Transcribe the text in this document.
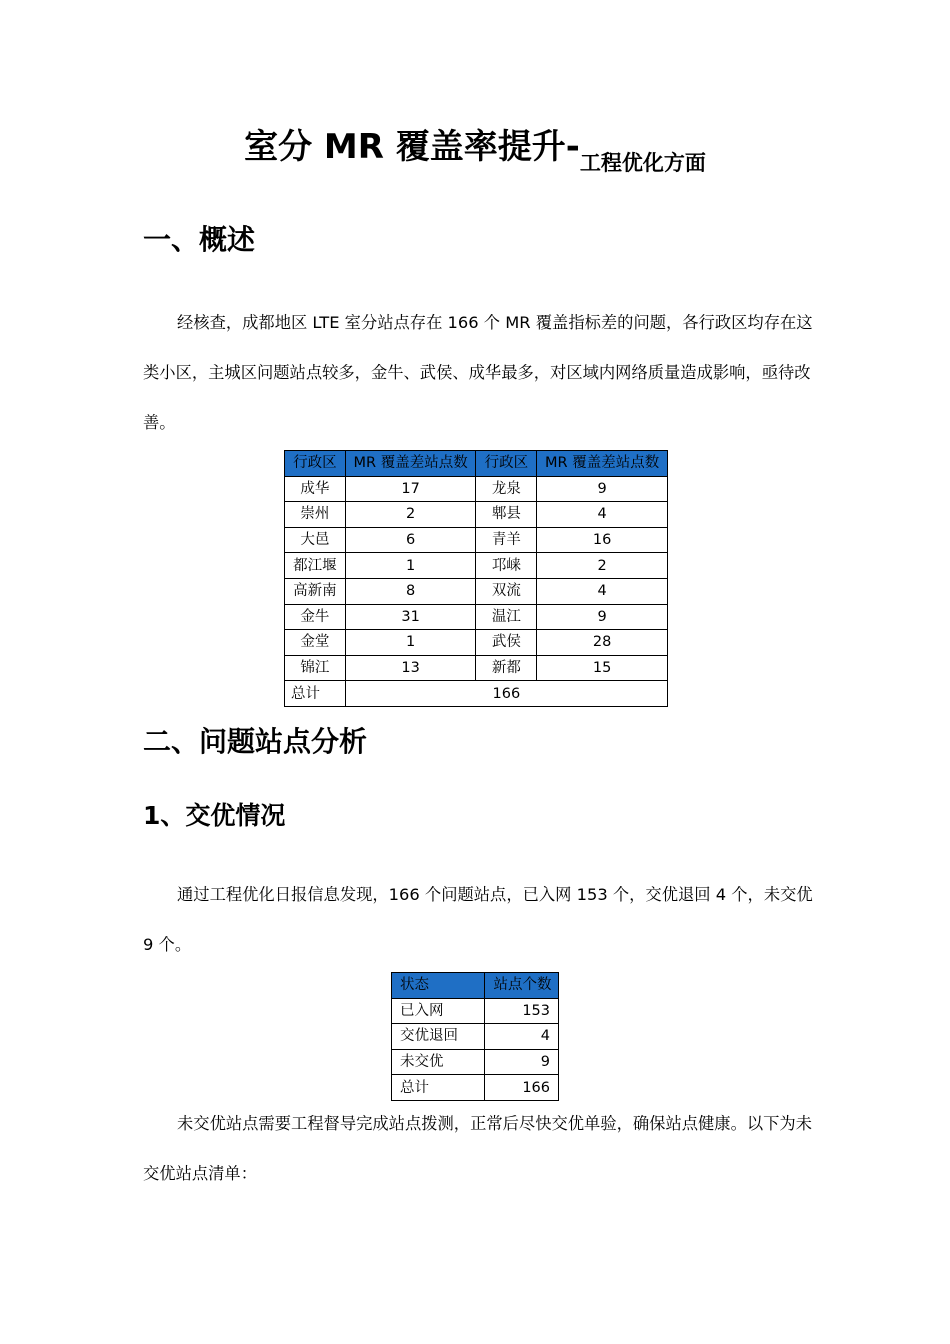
室分 MR 覆盖率提升$-_{工程优化方面}$
一、概述

经核查，成都地区 LTE 室分站点存在 166 个 MR 覆盖指标差的问题，各行政区均存在这类小区，主城区问题站点较多，金牛、武侯、成华最多，对区域内网络质量造成影响，亟待改善。

行政区	MR 覆盖差站点数	行政区	MR 覆盖差站点数
成华	17	龙泉	9
崇州	2	郫县	4
大邑	6	青羊	16
都江堰	1	邛崃	2
高新南	8	双流	4
金牛	31	温江	9
金堂	1	武侯	28
锦江	13	新都	15
总计	166		
二、问题站点分析
1、交优情况

通过工程优化日报信息发现，166 个问题站点，已入网 153 个，交优退回 4 个，未交优 9 个。

状态	站点个数
已入网	153
交优退回	4
未交优	9
总计	166

未交优站点需要工程督导完成站点拨测，正常后尽快交优单验，确保站点健康。以下为未交优站点清单：
